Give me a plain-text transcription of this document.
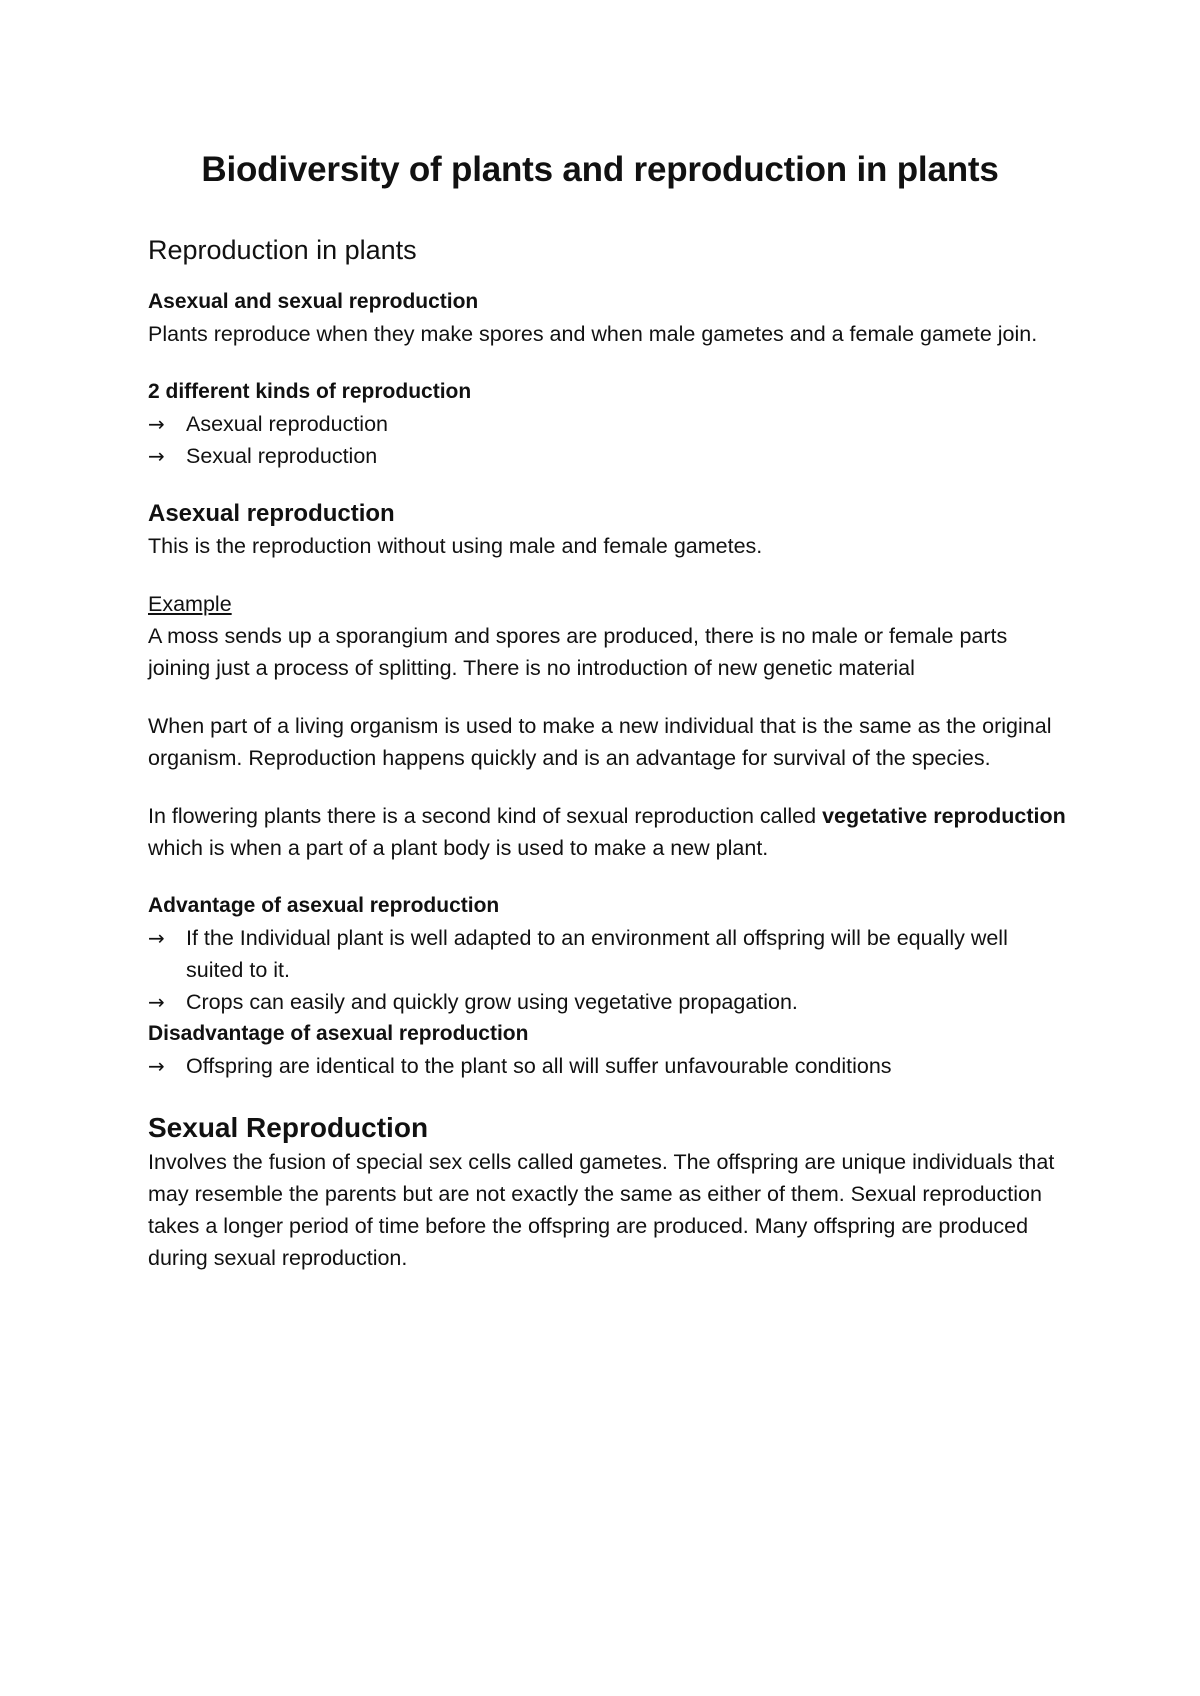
Biodiversity of plants and reproduction in plants
Reproduction in plants

Asexual and sexual reproduction

Plants reproduce when they make spores and when male gametes and a female gamete join.

2 different kinds of reproduction

→ Asexual reproduction
→ Sexual reproduction

Asexual reproduction

This is the reproduction without using male and female gametes.

Example

A moss sends up a sporangium and spores are produced, there is no male or female parts joining just a process of splitting. There is no introduction of new genetic material

When part of a living organism is used to make a new individual that is the same as the original organism. Reproduction happens quickly and is an advantage for survival of the species.

In flowering plants there is a second kind of sexual reproduction called vegetative reproduction which is when a part of a plant body is used to make a new plant.

Advantage of asexual reproduction

→ If the Individual plant is well adapted to an environment all offspring will be equally well suited to it.
→ Crops can easily and quickly grow using vegetative propagation.

Disadvantage of asexual reproduction

→ Offspring are identical to the plant so all will suffer unfavourable conditions
Sexual Reproduction

Involves the fusion of special sex cells called gametes. The offspring are unique individuals that may resemble the parents but are not exactly the same as either of them. Sexual reproduction takes a longer period of time before the offspring are produced. Many offspring are produced during sexual reproduction.
